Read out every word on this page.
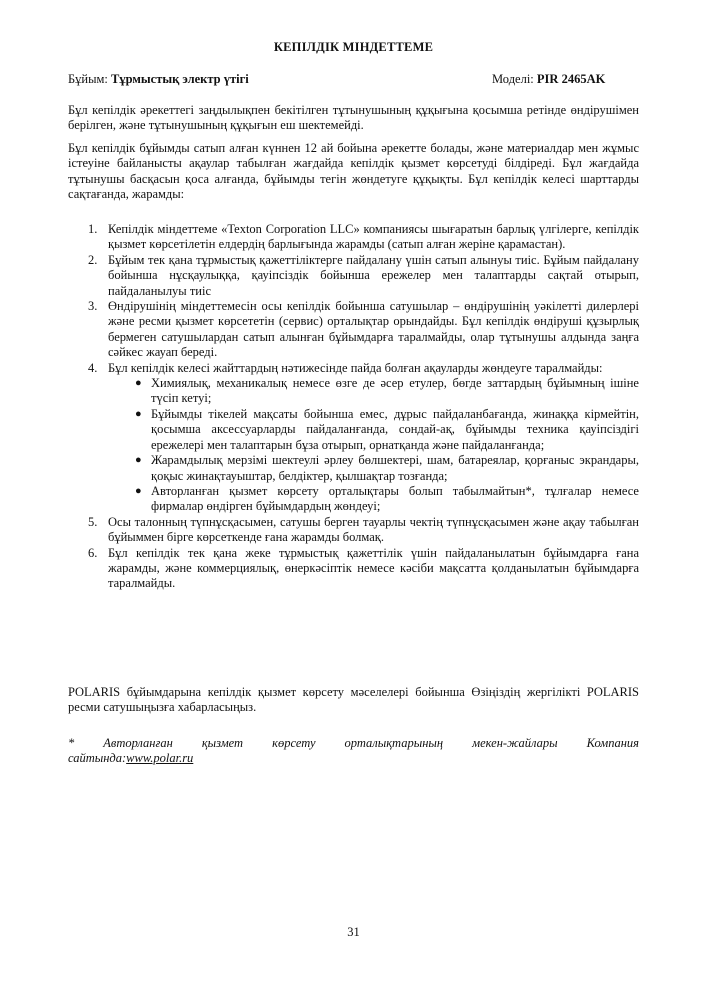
КЕПІЛДІК МІНДЕТТЕМЕ
Бұйым: Тұрмыстық электр үтігі	Моделі: PIR 2465AK
Бұл кепілдік әрекеттегі заңдылықпен бекітілген тұтынушының құқығына қосымша ретінде өндірушімен берілген, және тұтынушының құқығын еш шектемейді.
Бұл кепілдік бұйымды сатып алған күннен 12 ай бойына әрекетте болады, және материалдар мен жұмыс істеуіне байланысты ақаулар табылған жағдайда кепілдік қызмет көрсетуді білдіреді. Бұл жағдайда тұтынушы басқасын қоса алғанда, бұйымды тегін жөндетуге құқықты. Бұл кепілдік келесі шарттарды сақтағанда, жарамды:
1. Кепілдік міндеттеме «Texton Corporation LLC» компаниясы шығаратын барлық үлгілерге, кепілдік қызмет көрсетілетін елдердің барлығында жарамды (сатып алған жеріне қарамастан).
2. Бұйым тек қана тұрмыстық қажеттіліктерге пайдалану үшін сатып алынуы тиіс. Бұйым пайдалану бойынша нұсқаулыққа, қауіпсіздік бойынша ережелер мен талаптарды сақтай отырып, пайдаланылуы тиіс
3. Өндірушінің міндеттемесін осы кепілдік бойынша сатушылар – өндірушінің уәкілетті дилерлері және ресми қызмет көрсететін (сервис) орталықтар орындайды. Бұл кепілдік өндіруші құзырлық бермеген сатушылардан сатып алынған бұйымдарға таралмайды, олар тұтынушы алдында заңға сәйкес жауап береді.
4. Бұл кепілдік келесі жайттардың нәтижесінде пайда болған ақауларды жөндеуге таралмайды:
● Химиялық, механикалық немесе өзге де әсер етулер, бөгде заттардың бұйымның ішіне түсіп кетуі;
● Бұйымды тікелей мақсаты бойынша емес, дұрыс пайдаланбағанда, жинаққа кірмейтін, қосымша аксессуарларды пайдаланғанда, сондай-ақ, бұйымды техника қауіпсіздігі ережелері мен талаптарын бұза отырып, орнатқанда және пайдаланғанда;
● Жарамдылық мерзімі шектеулі әрлеу бөлшектері, шам, батареялар, қорғаныс экрандары, қоқыс жинақтауыштар, белдіктер, қылшақтар тозғанда;
● Авторланған қызмет көрсету орталықтары болып табылмайтын*, тұлғалар немесе фирмалар өндірген бұйымдардың жөндеуі;
5. Осы талонның түпнұсқасымен, сатушы берген тауарлы чектің түпнұсқасымен және ақау табылған бұйыммен бірге көрсеткенде ғана жарамды болмақ.
6. Бұл кепілдік тек қана жеке тұрмыстық қажеттілік үшін пайдаланылатын бұйымдарға ғана жарамды, және коммерциялық, өнеркәсіптік немесе кәсіби мақсатта қолданылатын бұйымдарға таралмайды.
POLARIS бұйымдарына кепілдік қызмет көрсету мәселелері бойынша Өзіңіздің жергілікті POLARIS ресми сатушыңызға хабарласыңыз.
* Авторланған қызмет көрсету орталықтарының мекен-жайлары Компания
сайтында:www.polar.ru
31
